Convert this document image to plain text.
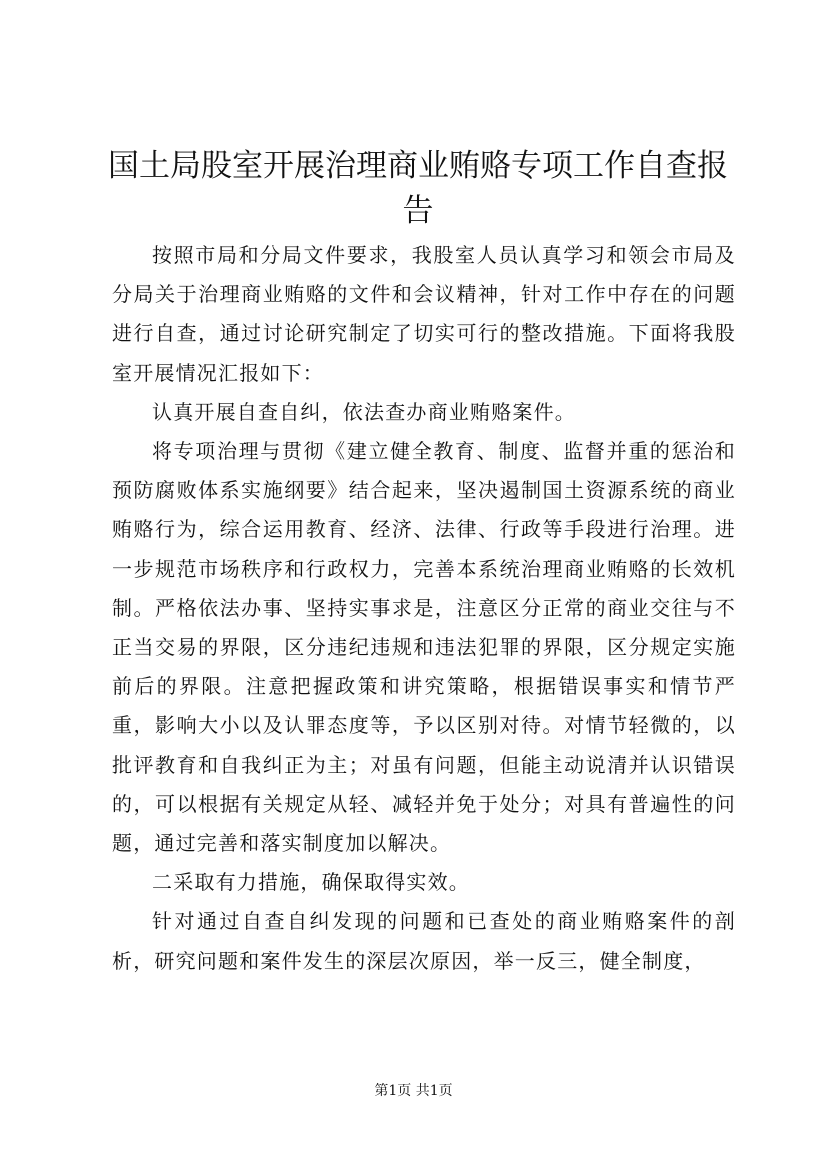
国土局股室开展治理商业贿赂专项工作自查报告

按照市局和分局文件要求，我股室人员认真学习和领会市局及分局关于治理商业贿赂的文件和会议精神，针对工作中存在的问题进行自查，通过讨论研究制定了切实可行的整改措施。下面将我股室开展情况汇报如下：

认真开展自查自纠，依法查办商业贿赂案件。

将专项治理与贯彻《建立健全教育、制度、监督并重的惩治和预防腐败体系实施纲要》结合起来，坚决遏制国土资源系统的商业贿赂行为，综合运用教育、经济、法律、行政等手段进行治理。进一步规范市场秩序和行政权力，完善本系统治理商业贿赂的长效机制。严格依法办事、坚持实事求是，注意区分正常的商业交往与不正当交易的界限，区分违纪违规和违法犯罪的界限，区分规定实施前后的界限。注意把握政策和讲究策略，根据错误事实和情节严重，影响大小以及认罪态度等，予以区别对待。对情节轻微的，以批评教育和自我纠正为主；对虽有问题，但能主动说清并认识错误的，可以根据有关规定从轻、减轻并免于处分；对具有普遍性的问题，通过完善和落实制度加以解决。

二采取有力措施，确保取得实效。

针对通过自查自纠发现的问题和已查处的商业贿赂案件的剖析，研究问题和案件发生的深层次原因，举一反三，健全制度，

第1页 共1页
